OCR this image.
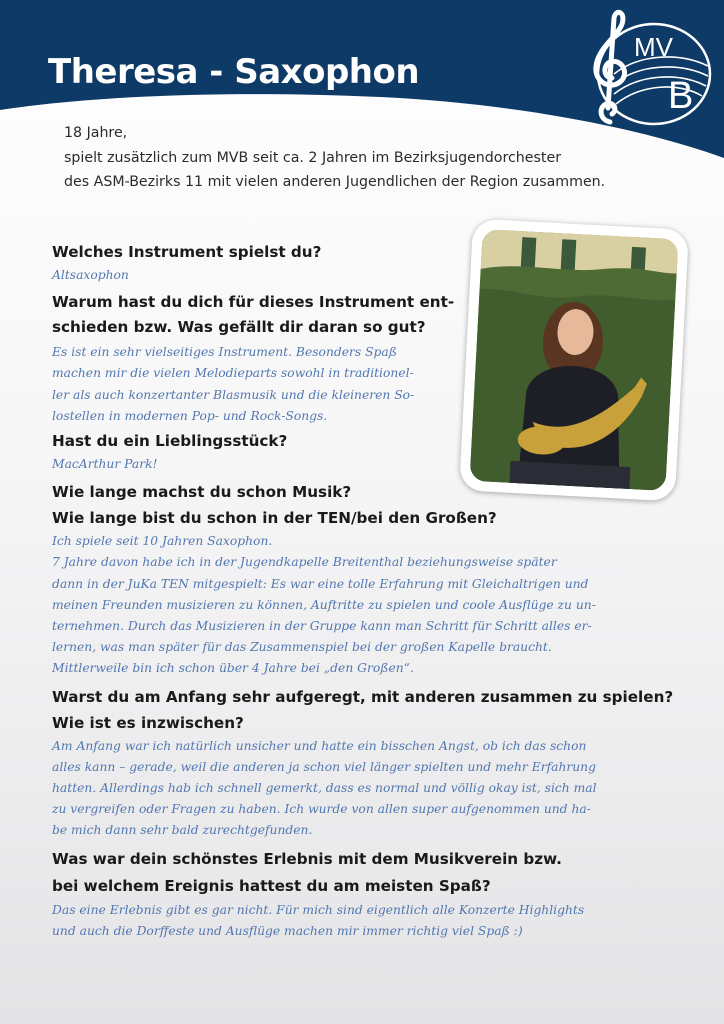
Theresa - Saxophon
MV
B
18 Jahre,
spielt zusätzlich zum MVB seit ca. 2 Jahren im Bezirksjugendorchester
des ASM-Bezirks 11 mit vielen anderen Jugendlichen der Region zusammen.
Welches Instrument spielst du?
Altsaxophon
Warum hast du dich für dieses Instrument ent-
schieden bzw. Was gefällt dir daran so gut?
Es ist ein sehr vielseitiges Instrument. Besonders Spaß
machen mir die vielen Melodieparts sowohl in traditionel-
ler als auch konzertanter Blasmusik und die kleineren So-
lostellen in modernen Pop- und Rock-Songs.
Hast du ein Lieblingsstück?
MacArthur Park!
Wie lange machst du schon Musik?
Wie lange bist du schon in der TEN/bei den Großen?
Ich spiele seit 10 Jahren Saxophon.
7 Jahre davon habe ich in der Jugendkapelle Breitenthal beziehungsweise später
dann in der JuKa TEN mitgespielt: Es war eine tolle Erfahrung mit Gleichaltrigen und
meinen Freunden musizieren zu können, Auftritte zu spielen und coole Ausflüge zu un-
ternehmen. Durch das Musizieren in der Gruppe kann man Schritt für Schritt alles er-
lernen, was man später für das Zusammenspiel bei der großen Kapelle braucht.
Mittlerweile bin ich schon über 4 Jahre bei „den Großen“.
Warst du am Anfang sehr aufgeregt, mit anderen zusammen zu spielen?
Wie ist es inzwischen?
Am Anfang war ich natürlich unsicher und hatte ein bisschen Angst, ob ich das schon
alles kann – gerade, weil die anderen ja schon viel länger spielten und mehr Erfahrung
hatten. Allerdings hab ich schnell gemerkt, dass es normal und völlig okay ist, sich mal
zu vergreifen oder Fragen zu haben. Ich wurde von allen super aufgenommen und ha-
be mich dann sehr bald zurechtgefunden.
Was war dein schönstes Erlebnis mit dem Musikverein bzw.
bei welchem Ereignis hattest du am meisten Spaß?
Das eine Erlebnis gibt es gar nicht. Für mich sind eigentlich alle Konzerte Highlights
und auch die Dorffeste und Ausflüge machen mir immer richtig viel Spaß :)
